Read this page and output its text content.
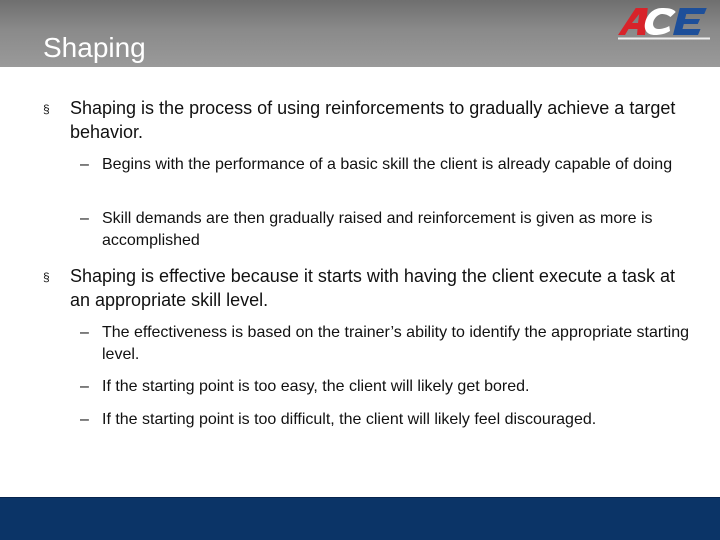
Shaping
§ Shaping is the process of using reinforcements to gradually achieve a target behavior.
– Begins with the performance of a basic skill the client is already capable of doing
– Skill demands are then gradually raised and reinforcement is given as more is accomplished
§ Shaping is effective because it starts with having the client execute a task at an appropriate skill level.
– The effectiveness is based on the trainer’s ability to identify the appropriate starting level.
– If the starting point is too easy, the client will likely get bored.
– If the starting point is too difficult, the client will likely feel discouraged.
